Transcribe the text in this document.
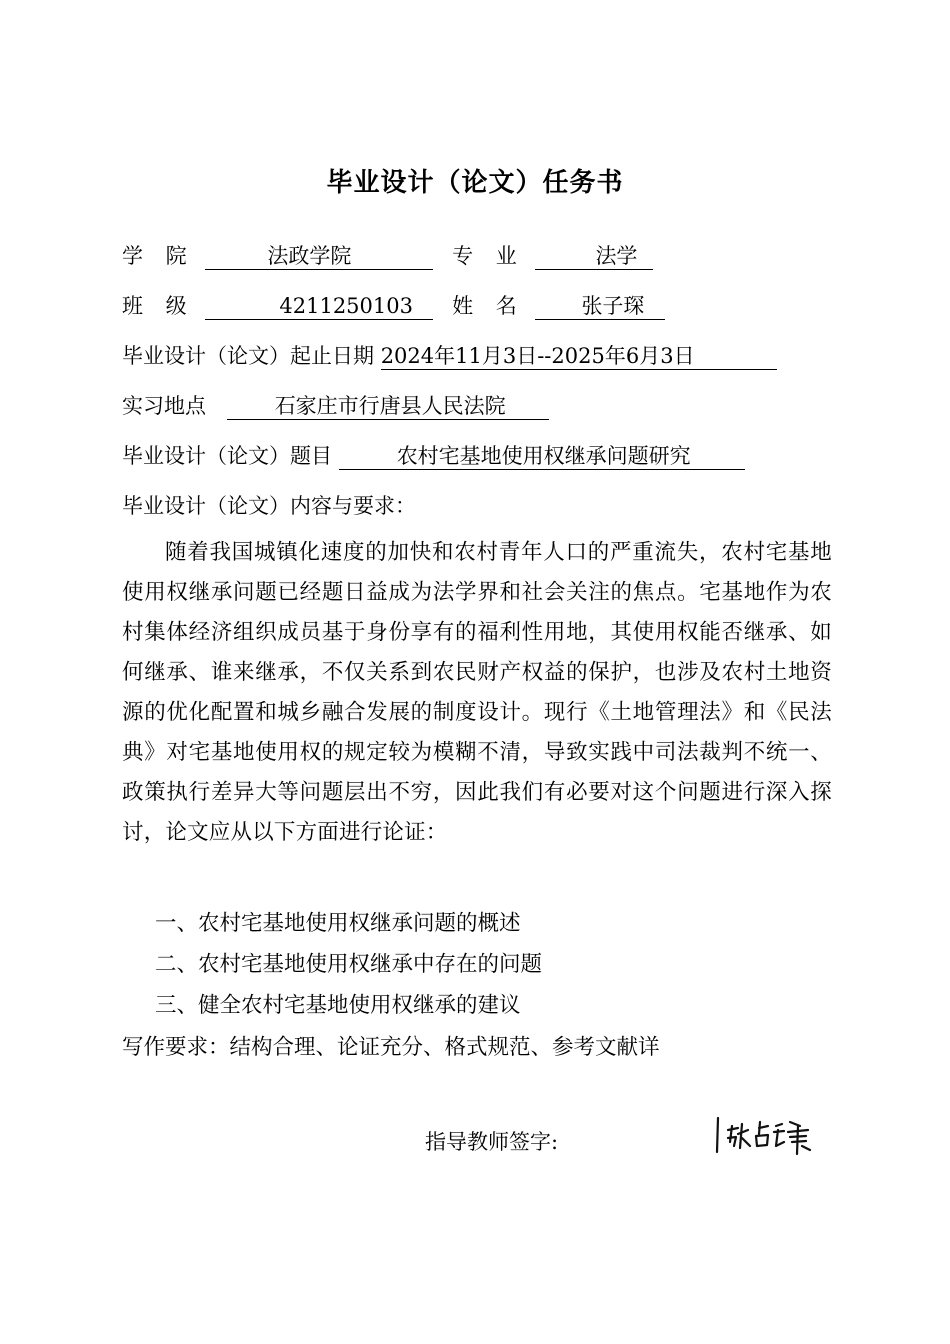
毕业设计（论文）任务书
学 院	法政学院	专 业	法学
班 级	4211250103 姓 名	张子琛
毕业设计（论文）起止日期 2024年11月3日--2025年6月3日
实习地点	石家庄市行唐县人民法院
毕业设计（论文）题目	农村宅基地使用权继承问题研究
毕业设计（论文）内容与要求：
随着我国城镇化速度的加快和农村青年人口的严重流失，农村宅基地使用权继承问题已经题日益成为法学界和社会关注的焦点。宅基地作为农村集体经济组织成员基于身份享有的福利性用地，其使用权能否继承、如何继承、谁来继承，不仅关系到农民财产权益的保护，也涉及农村土地资源的优化配置和城乡融合发展的制度设计。现行《土地管理法》和《民法典》对宅基地使用权的规定较为模糊不清，导致实践中司法裁判不统一、政策执行差异大等问题层出不穷，因此我们有必要对这个问题进行深入探讨，论文应从以下方面进行论证：
一、农村宅基地使用权继承问题的概述
二、农村宅基地使用权继承中存在的问题
三、健全农村宅基地使用权继承的建议
写作要求：结构合理、论证充分、格式规范、参考文献详
指导教师签字:
